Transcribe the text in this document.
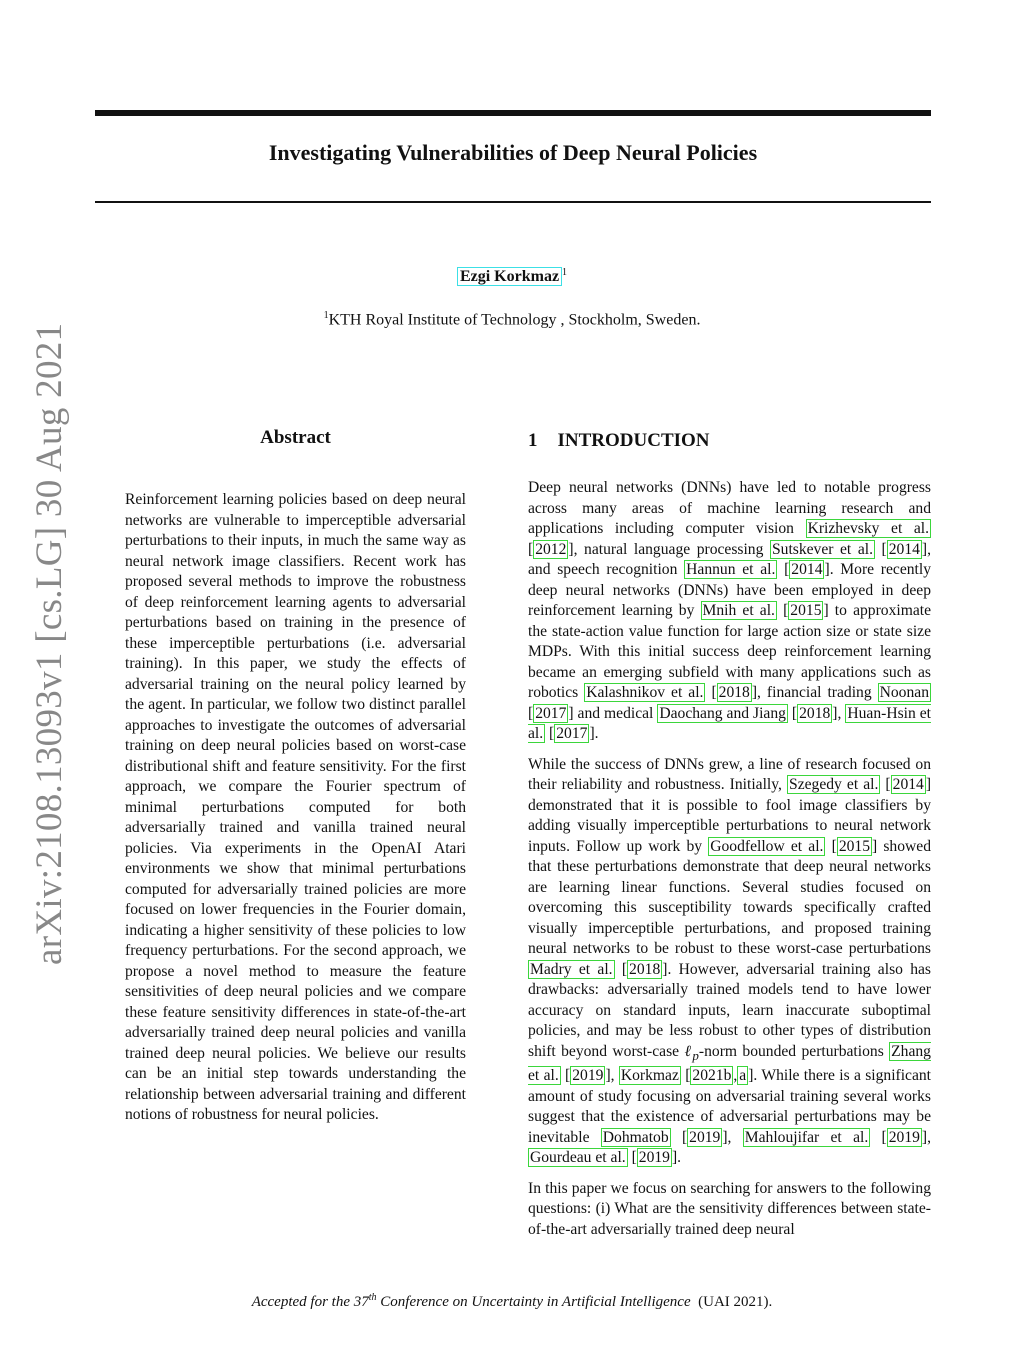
arXiv:2108.13093v1 [cs.LG] 30 Aug 2021
Investigating Vulnerabilities of Deep Neural Policies
Ezgi Korkmaz $^1$
$^1$KTH Royal Institute of Technology , Stockholm, Sweden.
Abstract

Reinforcement learning policies based on deep neural networks are vulnerable to imperceptible adversarial perturbations to their inputs, in much the same way as neural network image classifiers. Recent work has proposed several methods to improve the robustness of deep reinforcement learning agents to adversarial perturbations based on training in the presence of these imperceptible perturbations (i.e. adversarial training). In this paper, we study the effects of adversarial training on the neural policy learned by the agent. In particular, we follow two distinct parallel approaches to investigate the outcomes of adversarial training on deep neural policies based on worst-case distributional shift and feature sensitivity. For the first approach, we compare the Fourier spectrum of minimal perturbations computed for both adversarially trained and vanilla trained neural policies. Via experiments in the OpenAI Atari environments we show that minimal perturbations computed for adversarially trained policies are more focused on lower frequencies in the Fourier domain, indicating a higher sensitivity of these policies to low frequency perturbations. For the second approach, we propose a novel method to measure the feature sensitivities of deep neural policies and we compare these feature sensitivity differences in state-of-the-art adversarially trained deep neural policies and vanilla trained deep neural policies. We believe our results can be an initial step towards understanding the relationship between adversarial training and different notions of robustness for neural policies.

1 INTRODUCTION

Deep neural networks (DNNs) have led to notable progress across many areas of machine learning research and applications including computer vision Krizhevsky et al. [ 2012 ], natural language processing Sutskever et al. [ 2014 ], and speech recognition Hannun et al. [ 2014 ]. More recently deep neural networks (DNNs) have been employed in deep reinforcement learning by Mnih et al. [ 2015 ] to approximate the state-action value function for large action size or state size MDPs. With this initial success deep reinforcement learning became an emerging subfield with many applications such as robotics Kalashnikov et al. [ 2018 ], financial trading Noonan [ 2017 ] and medical Daochang and Jiang [ 2018 ], Huan-Hsin et al. [ 2017 ].

While the success of DNNs grew, a line of research focused on their reliability and robustness. Initially, Szegedy et al. [ 2014 ] demonstrated that it is possible to fool image classifiers by adding visually imperceptible perturbations to neural network inputs. Follow up work by Goodfellow et al. [ 2015 ] showed that these perturbations demonstrate that deep neural networks are learning linear functions. Several studies focused on overcoming this susceptibility towards specifically crafted visually imperceptible perturbations, and proposed training neural networks to be robust to these worst-case perturbations Madry et al. [ 2018 ]. However, adversarial training also has drawbacks: adversarially trained models tend to have lower accuracy on standard inputs, learn inaccurate suboptimal policies, and may be less robust to other types of distribution shift beyond worst-case ℓ$_p$-norm bounded perturbations Zhang et al. [ 2019 ], Korkmaz [ 2021b , a ]. While there is a significant amount of study focusing on adversarial training several works suggest that the existence of adversarial perturbations may be inevitable Dohmatob [ 2019 ], Mahloujifar et al. [ 2019 ], Gourdeau et al. [ 2019 ].

In this paper we focus on searching for answers to the following questions: (i) What are the sensitivity differences between state-of-the-art adversarially trained deep neural

Accepted for the 37th Conference on Uncertainty in Artificial Intelligence (UAI 2021).
